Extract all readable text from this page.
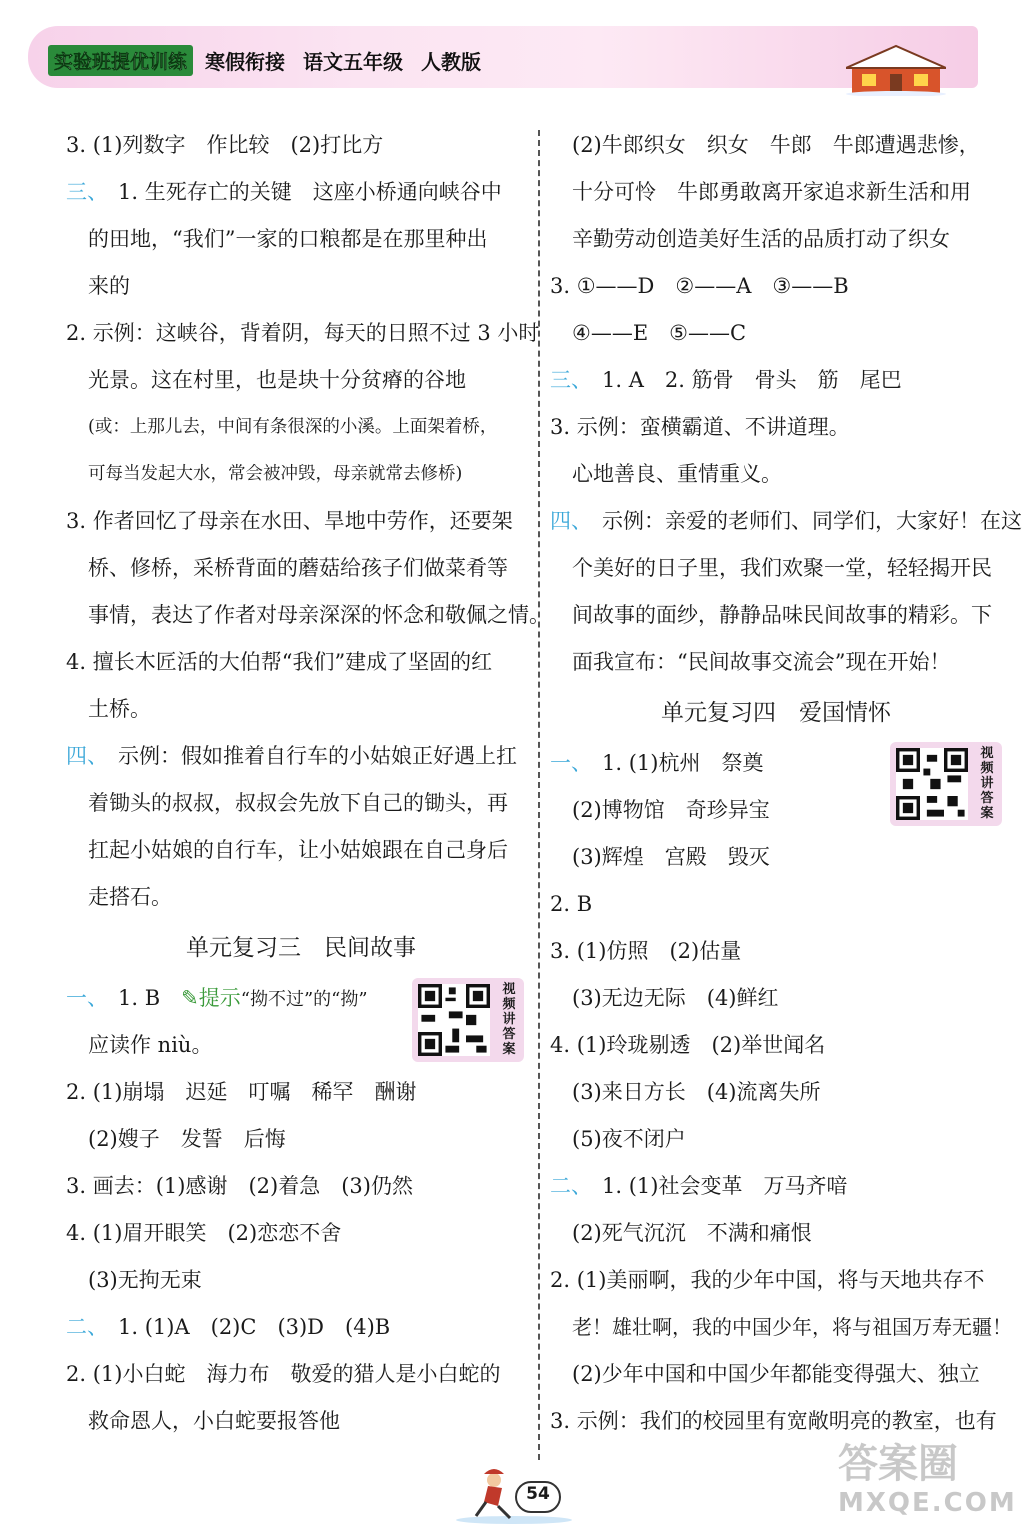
实验班提优训练 寒假衔接 语文五年级 人教版
3. (1)列数字　作比较　(2)打比方
三、 1. 生死存亡的关键　这座小桥通向峡谷中
的田地，“我们”一家的口粮都是在那里种出
来的
2. 示例：这峡谷，背着阴，每天的日照不过 3 小时
光景。这在村里，也是块十分贫瘠的谷地
(或：上那儿去，中间有条很深的小溪。上面架着桥，
可每当发起大水，常会被冲毁，母亲就常去修桥)
3. 作者回忆了母亲在水田、旱地中劳作，还要架
桥、修桥，采桥背面的蘑菇给孩子们做菜肴等
事情，表达了作者对母亲深深的怀念和敬佩之情。
4. 擅长木匠活的大伯帮“我们”建成了坚固的红
土桥。
四、 示例：假如推着自行车的小姑娘正好遇上扛
着锄头的叔叔，叔叔会先放下自己的锄头，再
扛起小姑娘的自行车，让小姑娘跟在自己身后
走搭石。
单元复习三　民间故事
一、 1. B　 ✎提示“拗不过”的“拗”
应读作 niù。
2. (1)崩塌　迟延　叮嘱　稀罕　酬谢
(2)嫂子　发誓　后悔
3. 画去：(1)感谢　(2)着急　(3)仍然
4. (1)眉开眼笑　(2)恋恋不舍
(3)无拘无束
二、 1. (1)A　(2)C　(3)D　(4)B
2. (1)小白蛇　海力布　敬爱的猎人是小白蛇的
救命恩人，小白蛇要报答他
视频讲答案
(2)牛郎织女　织女　牛郎　牛郎遭遇悲惨，
十分可怜　牛郎勇敢离开家追求新生活和用
辛勤劳动创造美好生活的品质打动了织女
3. ①——D　②——A　③——B
④——E　⑤——C
三、 1. A　2. 筋骨　骨头　筋　尾巴
3. 示例：蛮横霸道、不讲道理。
心地善良、重情重义。
四、 示例：亲爱的老师们、同学们，大家好！在这
个美好的日子里，我们欢聚一堂，轻轻揭开民
间故事的面纱，静静品味民间故事的精彩。下
面我宣布：“民间故事交流会”现在开始！
单元复习四　爱国情怀
一、 1. (1)杭州　祭奠
(2)博物馆　奇珍异宝
(3)辉煌　宫殿　毁灭
2. B
3. (1)仿照　(2)估量
(3)无边无际　(4)鲜红
4. (1)玲珑剔透　(2)举世闻名
(3)来日方长　(4)流离失所
(5)夜不闭户
二、 1. (1)社会变革　万马齐喑
(2)死气沉沉　不满和痛恨
2. (1)美丽啊，我的少年中国，将与天地共存不
老！雄壮啊，我的中国少年，将与祖国万寿无疆！
(2)少年中国和中国少年都能变得强大、独立
3. 示例：我们的校园里有宽敞明亮的教室，也有
视频讲答案
54
答案圈
MXQE.COM
